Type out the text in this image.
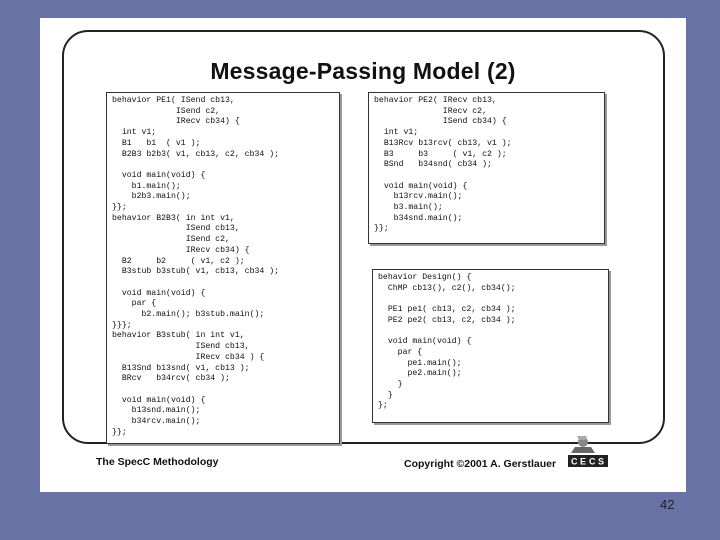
Message-Passing Model (2)
behavior PE1( ISend cb13,
ISend c2,
IRecv cb34) {
int v1;
B1   b1  ( v1 );
B2B3 b2b3( v1, cb13, c2, cb34 );

void main(void) {
b1.main();
b2b3.main();
}};
behavior B2B3( in int v1,
ISend cb13,
ISend c2,
IRecv cb34) {
B2     b2     ( v1, c2 );
B3stub b3stub( v1, cb13, cb34 );

void main(void) {
par {
b2.main(); b3stub.main();
}}};
behavior B3stub( in int v1,
ISend cb13,
IRecv cb34 ) {
B13Snd b13snd( v1, cb13 );
BRcv   b34rcv( cb34 );

void main(void) {
b13snd.main();
b34rcv.main();
}};
behavior PE2( IRecv cb13,
IRecv c2,
ISend cb34) {
int v1;
B13Rcv b13rcv( cb13, v1 );
B3     b3     ( v1, c2 );
BSnd   b34snd( cb34 );

void main(void) {
b13rcv.main();
b3.main();
b34snd.main();
}};
behavior Design() {
ChMP cb13(), c2(), cb34();

PE1 pe1( cb13, c2, cb34 );
PE2 pe2( cb13, c2, cb34 );

void main(void) {
par {
pe1.main();
pe2.main();
}
}
};
The SpecC Methodology	Copyright ©2001 A. Gerstlauer C E C S
42
